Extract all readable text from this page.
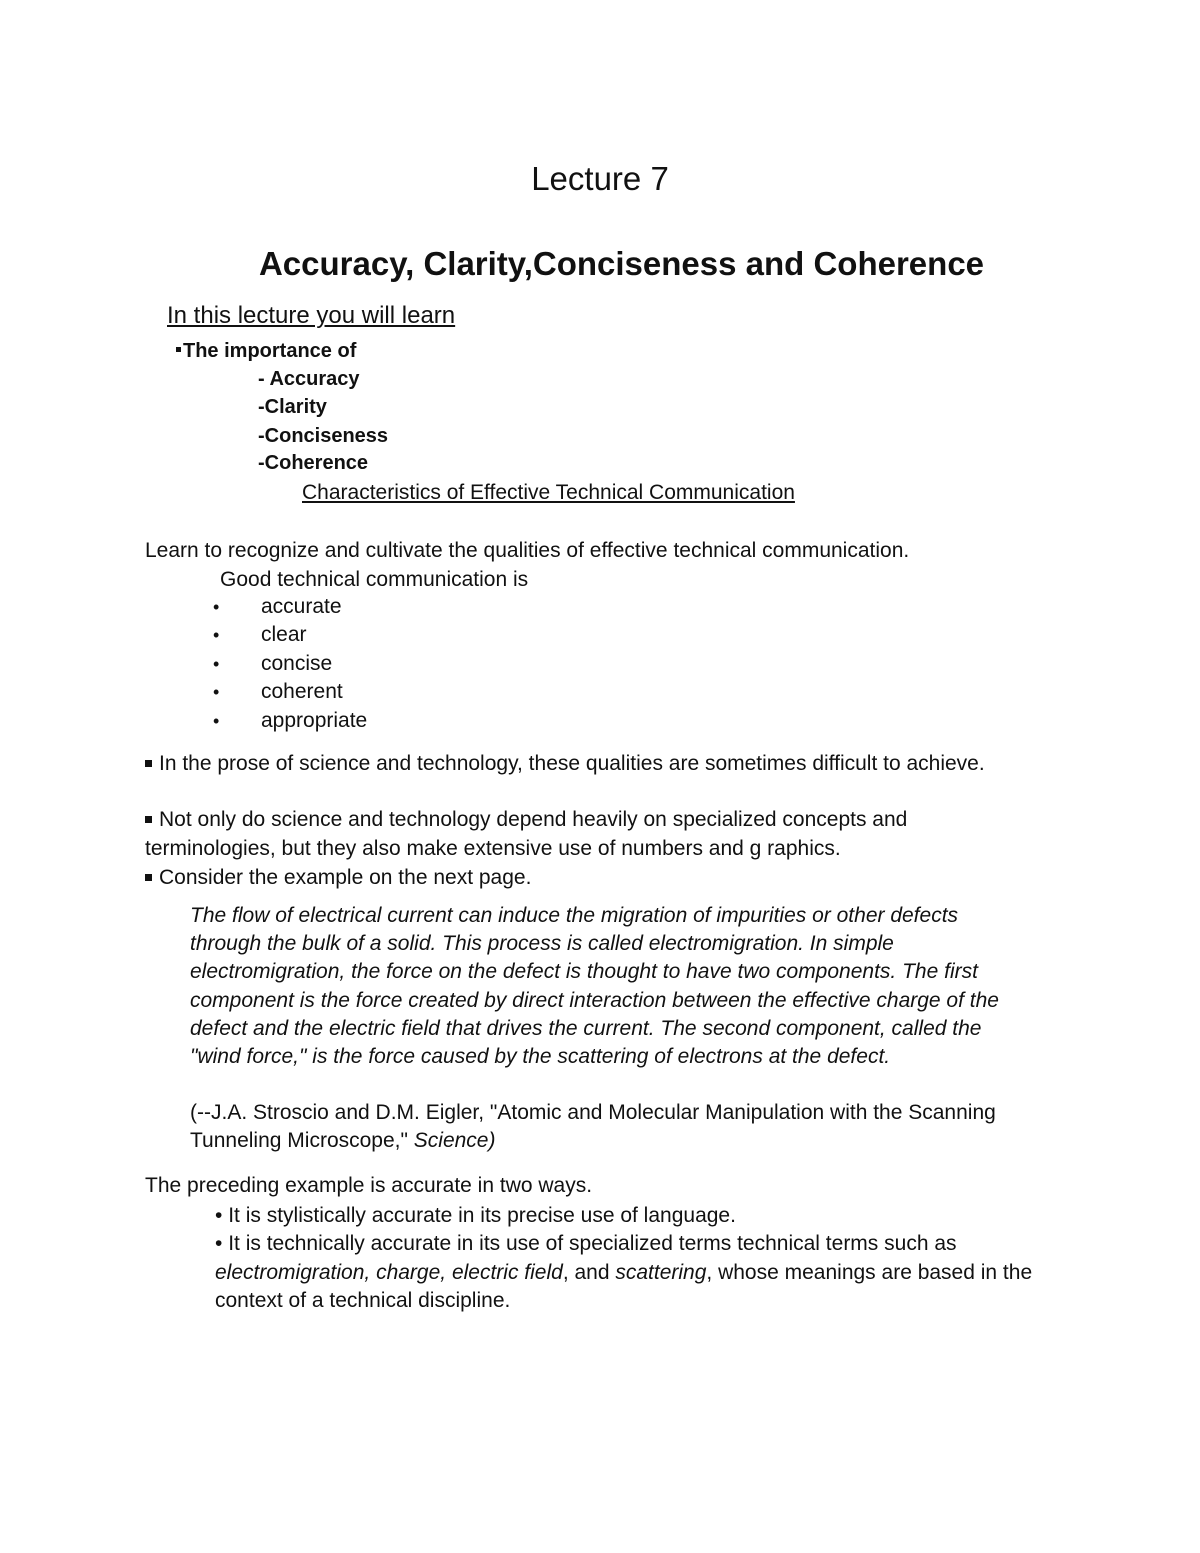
Lecture 7
Accuracy, Clarity,Conciseness and Coherence
In this lecture you will learn
The importance of
- Accuracy
-Clarity
-Conciseness
-Coherence
Characteristics of Effective Technical Communication
Learn to recognize and cultivate the qualities of effective technical communication.
Good technical communication is
• accurate
• clear
• concise
• coherent
• appropriate
In the prose of science and technology, these qualities are sometimes difficult to achieve.
Not only do science and technology depend heavily on specialized concepts and terminologies, but they also make extensive use of numbers and g raphics.
Consider the example on the next page.
The flow of electrical current can induce the migration of impurities or other defects through the bulk of a solid. This process is called electromigration. In simple electromigration, the force on the defect is thought to have two components. The first component is the force created by direct interaction between the effective charge of the defect and the electric field that drives the current. The second component, called the "wind force," is the force caused by the scattering of electrons at the defect.
(--J.A. Stroscio and D.M. Eigler, "Atomic and Molecular Manipulation with the Scanning Tunneling Microscope," Science)
The preceding example is accurate in two ways.
• It is stylistically accurate in its precise use of language.
• It is technically accurate in its use of specialized terms technical terms such as electromigration, charge, electric field, and scattering, whose meanings are based in the context of a technical discipline.
